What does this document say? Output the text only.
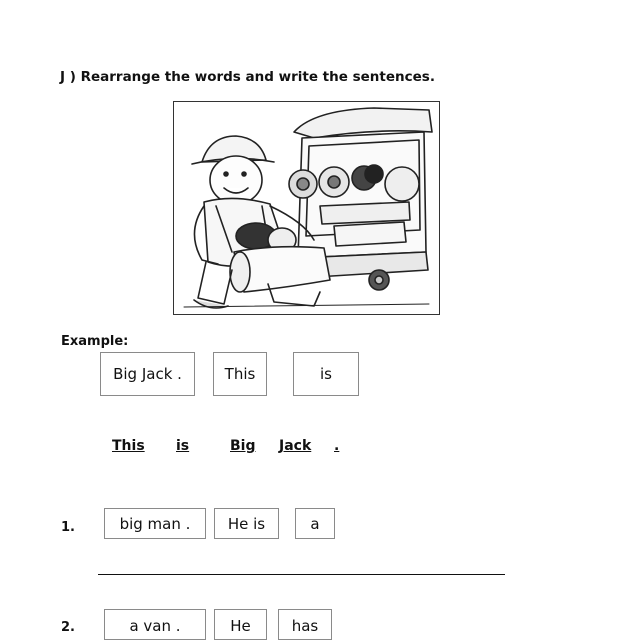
J ) Rearrange the words and write the sentences.
Example:
Big Jack .	This	is
This is	Big Jack .
1.	big man . He is	a
2.	a van .	He	has
